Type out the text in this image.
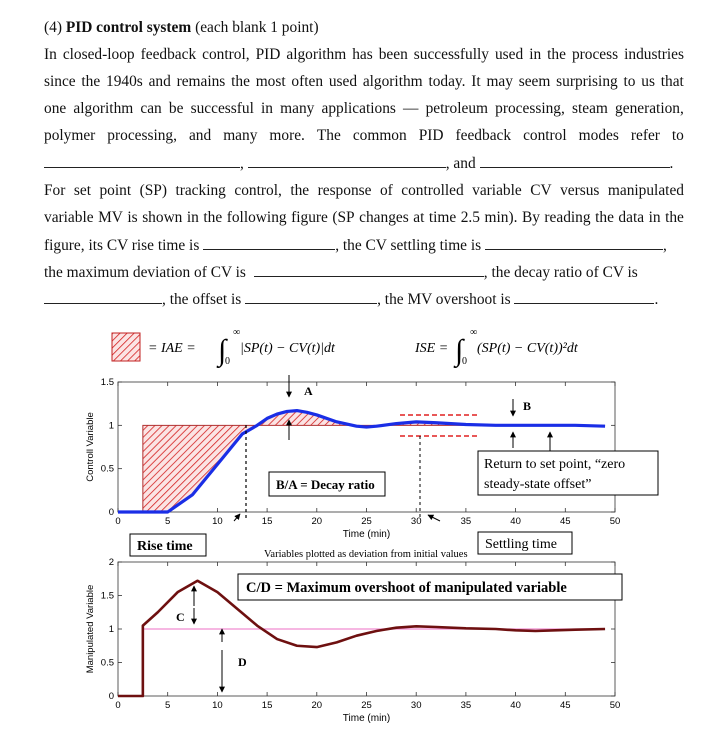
(4) PID control system (each blank 1 point)
In closed-loop feedback control, PID algorithm has been successfully used in the process industries
since the 1940s and remains the most often used algorithm today. It may seem surprising to us that
one algorithm can be successful in many applications — petroleum processing, steam generation,
polymer processing, and many more. The common PID feedback control modes refer to
,	, and	.
For set point (SP) tracking control, the response of controlled variable CV versus manipulated
variable MV is shown in the following figure (SP changes at time 2.5 min). By reading the data in the
figure, its CV rise time is	, the CV settling time is	,
the maximum deviation of CV is	, the decay ratio of CV is
, the offset is	, the MV overshoot is	.
= IAE = ∫
∞
0
|SP(t) − CV(t)|dt	ISE = ∫
∞
0
(SP(t) − CV(t))²dt
0	5	10	15	20	25	30	35	40	45	50
0
0.5
1
1.5
Time (min)
Controll Variable
0	5	10	15	20	25	30	35	40	45	50
0
0.5
1
1.5
2
Time (min)
Manipulated Variable
A
B
B/A = Decay ratio
Return to set point, “zero
steady-state offset”
Rise time	Settling time
Variables plotted as deviation from initial values
C/D = Maximum overshoot of manipulated variable
C
D
